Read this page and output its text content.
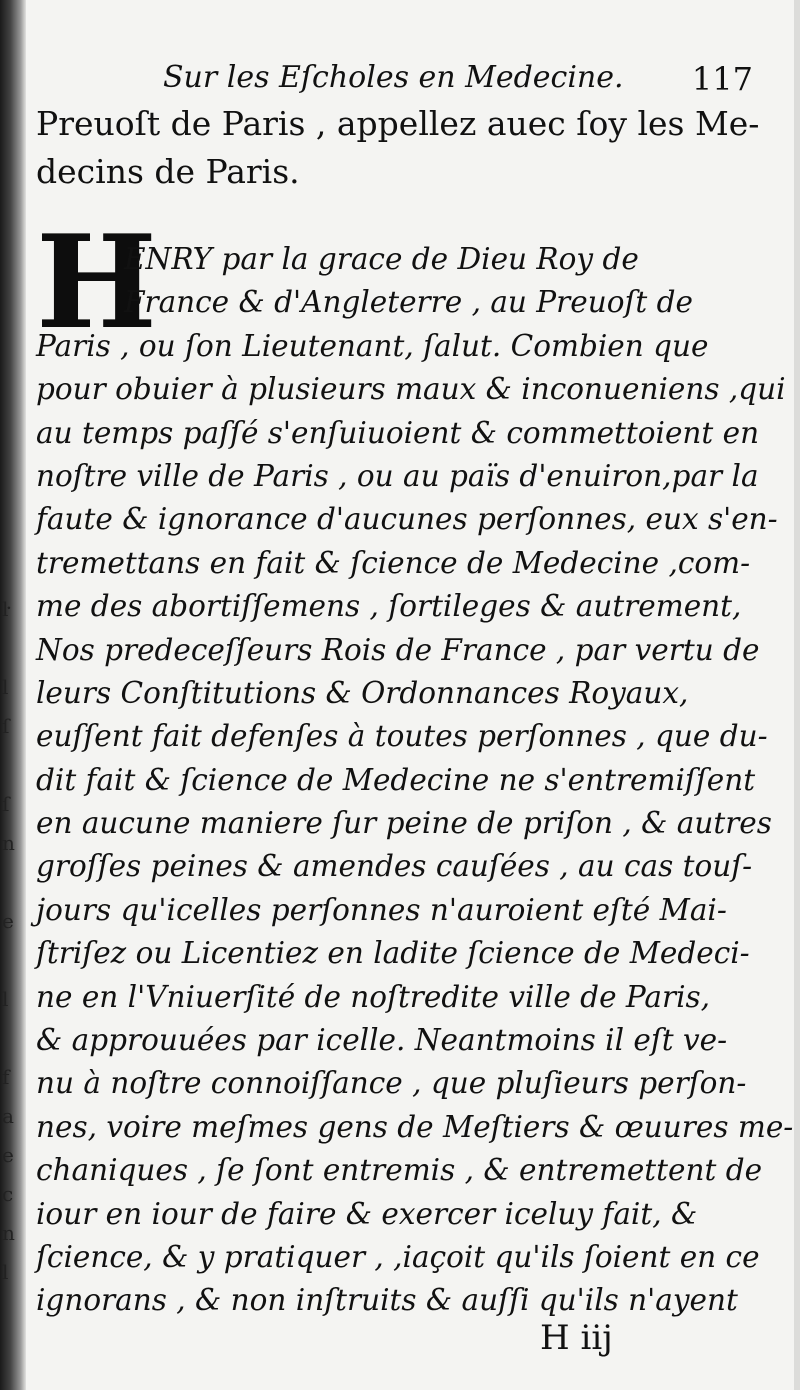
ŀ
l
ſ
ſ
n
e
l
f
a
e
c
n
l
Sur les Eſcholes en Medecine. 117
Preuoſt de Paris , appellez auec ſoy les Me-
decins de Paris.
H
ENRY par la grace de Dieu Roy de
France & d'Angleterre , au Preuoſt de
Paris , ou ſon Lieutenant, ſalut. Combien que
pour obuier à plusieurs maux & inconueniens ,qui
au temps paſſé s'enſuiuoient & commettoient en
noſtre ville de Paris , ou au païs d'enuiron,par la
faute & ignorance d'aucunes perſonnes, eux s'en-
tremettans en fait & ſcience de Medecine ,com-
me des abortiſſemens , ſortileges & autrement,
Nos predeceſſeurs Rois de France , par vertu de
leurs Conſtitutions & Ordonnances Royaux,
euſſent fait defenſes à toutes perſonnes , que du-
dit fait & ſcience de Medecine ne s'entremiſſent
en aucune maniere ſur peine de priſon , & autres
groſſes peines & amendes cauſées , au cas touſ-
jours qu'icelles perſonnes n'auroient eſté Mai-
ſtriſez ou Licentiez en ladite ſcience de Medeci-
ne en l'Vniuerſité de noſtredite ville de Paris,
& approuuées par icelle. Neantmoins il eſt ve-
nu à noſtre connoiſſance , que pluſieurs perſon-
nes, voire meſmes gens de Meſtiers & œuures me-
chaniques , ſe ſont entremis , & entremettent de
iour en iour de faire & exercer iceluy fait, &
ſcience, & y pratiquer , ,iaçoit qu'ils ſoient en ce
ignorans , & non inſtruits & auſſi qu'ils n'ayent
H iij
